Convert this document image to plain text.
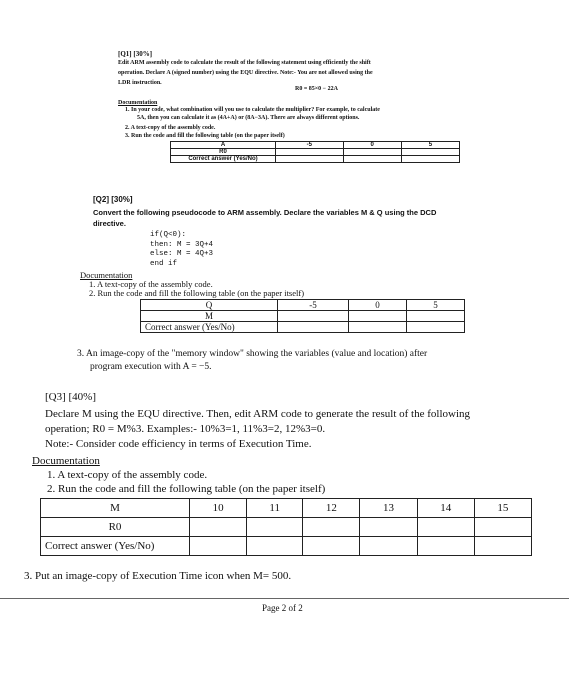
[Q1] [30%]
Edit ARM assembly code to calculate the result of the following statement using efficiently the shift
operation. Declare A (signed number) using the EQU directive. Note:- You are not allowed using the
LDR instruction.
R0 = 85×0 − 22A
Documentation
1. In your code, what combination will you use to calculate the multiplier? For example, to calculate
5A, then you can calculate it as (4A+A) or (8A−3A). There are always different options.
2. A text-copy of the assembly code.
3. Run the code and fill the following table (on the paper itself)
A	-5	0	5
R0			
Correct answer (Yes/No)			
[Q2] [30%]
Convert the following pseudocode to ARM assembly. Declare the variables M & Q using the DCD
directive.
if(Q<0):
then: M = 3Q+4
else: M = 4Q+3
end if
Documentation
1. A text-copy of the assembly code.
2. Run the code and fill the following table (on the paper itself)
Q	-5	0	5
M			
Correct answer (Yes/No)			
3. An image-copy of the "memory window" showing the variables (value and location) after
program execution with A = −5.
[Q3] [40%]
Declare M using the EQU directive. Then, edit ARM code to generate the result of the following
operation; R0 = M%3. Examples:- 10%3=1, 11%3=2, 12%3=0.
Note:- Consider code efficiency in terms of Execution Time.
Documentation
1. A text-copy of the assembly code.
2. Run the code and fill the following table (on the paper itself)
M	10	11	12	13	14	15
R0						
Correct answer (Yes/No)						
3. Put an image-copy of Execution Time icon when M= 500.
Page 2 of 2
